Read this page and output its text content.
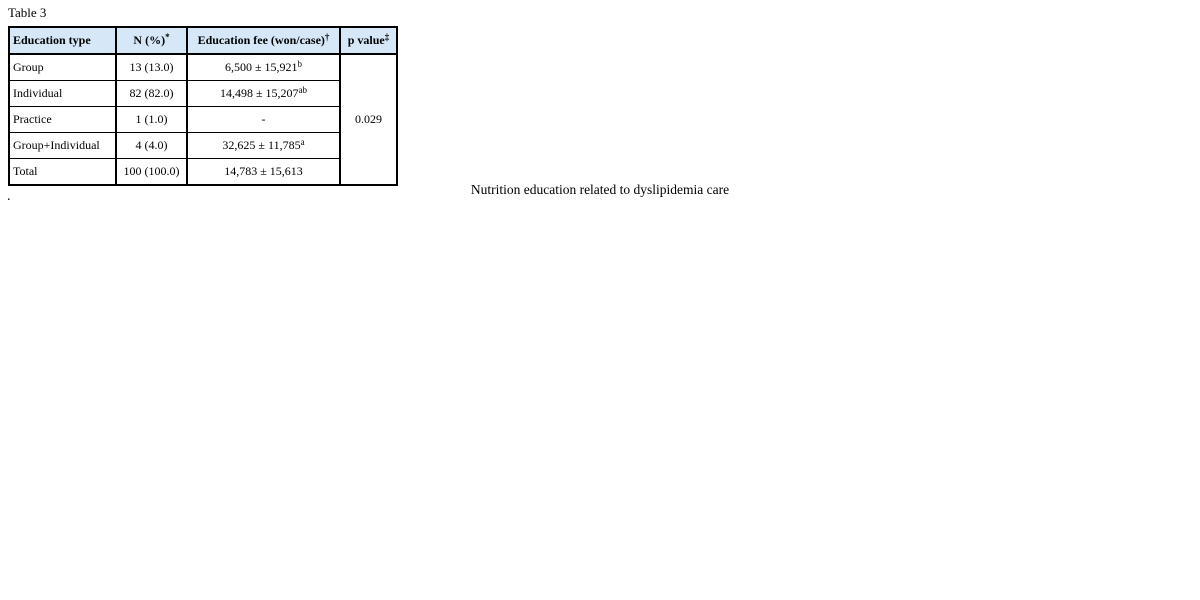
Table 3
Education type	N (%)*	Education fee (won/case)†	p value‡
Group	13 (13.0)	6,500 ± 15,921$^b$	0.029
Individual	82 (82.0)	14,498 ± 15,207$^{ab}$
Practice	1 (1.0)	-	
Group+Individual	4 (4.0)	32,625 ± 11,785$^a$
Total	100 (100.0)	14,783 ± 15,613	
Nutrition education related to dyslipidemia care
.
